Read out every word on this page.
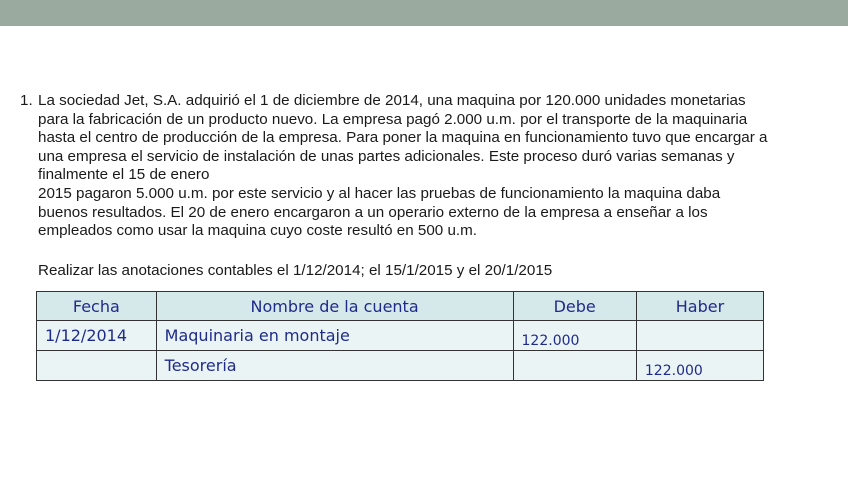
1. La sociedad Jet, S.A. adquirió el 1 de diciembre de 2014, una maquina por 120.000 unidades monetarias
para la fabricación de un producto nuevo. La empresa pagó 2.000 u.m. por el transporte de la maquinaria
hasta el centro de producción de la empresa. Para poner la maquina en funcionamiento tuvo que encargar a
una empresa el servicio de instalación de unas partes adicionales. Este proceso duró varias semanas y
finalmente el 15 de enero
2015 pagaron 5.000 u.m. por este servicio y al hacer las pruebas de funcionamiento la maquina daba
buenos resultados. El 20 de enero encargaron a un operario externo de la empresa a enseñar a los
empleados como usar la maquina cuyo coste resultó en 500 u.m.
Realizar las anotaciones contables el 1/12/2014; el 15/1/2015 y el 20/1/2015
Fecha	Nombre de la cuenta	Debe	Haber
1/12/2014	Maquinaria en montaje	122.000	
	Tesorería		122.000
